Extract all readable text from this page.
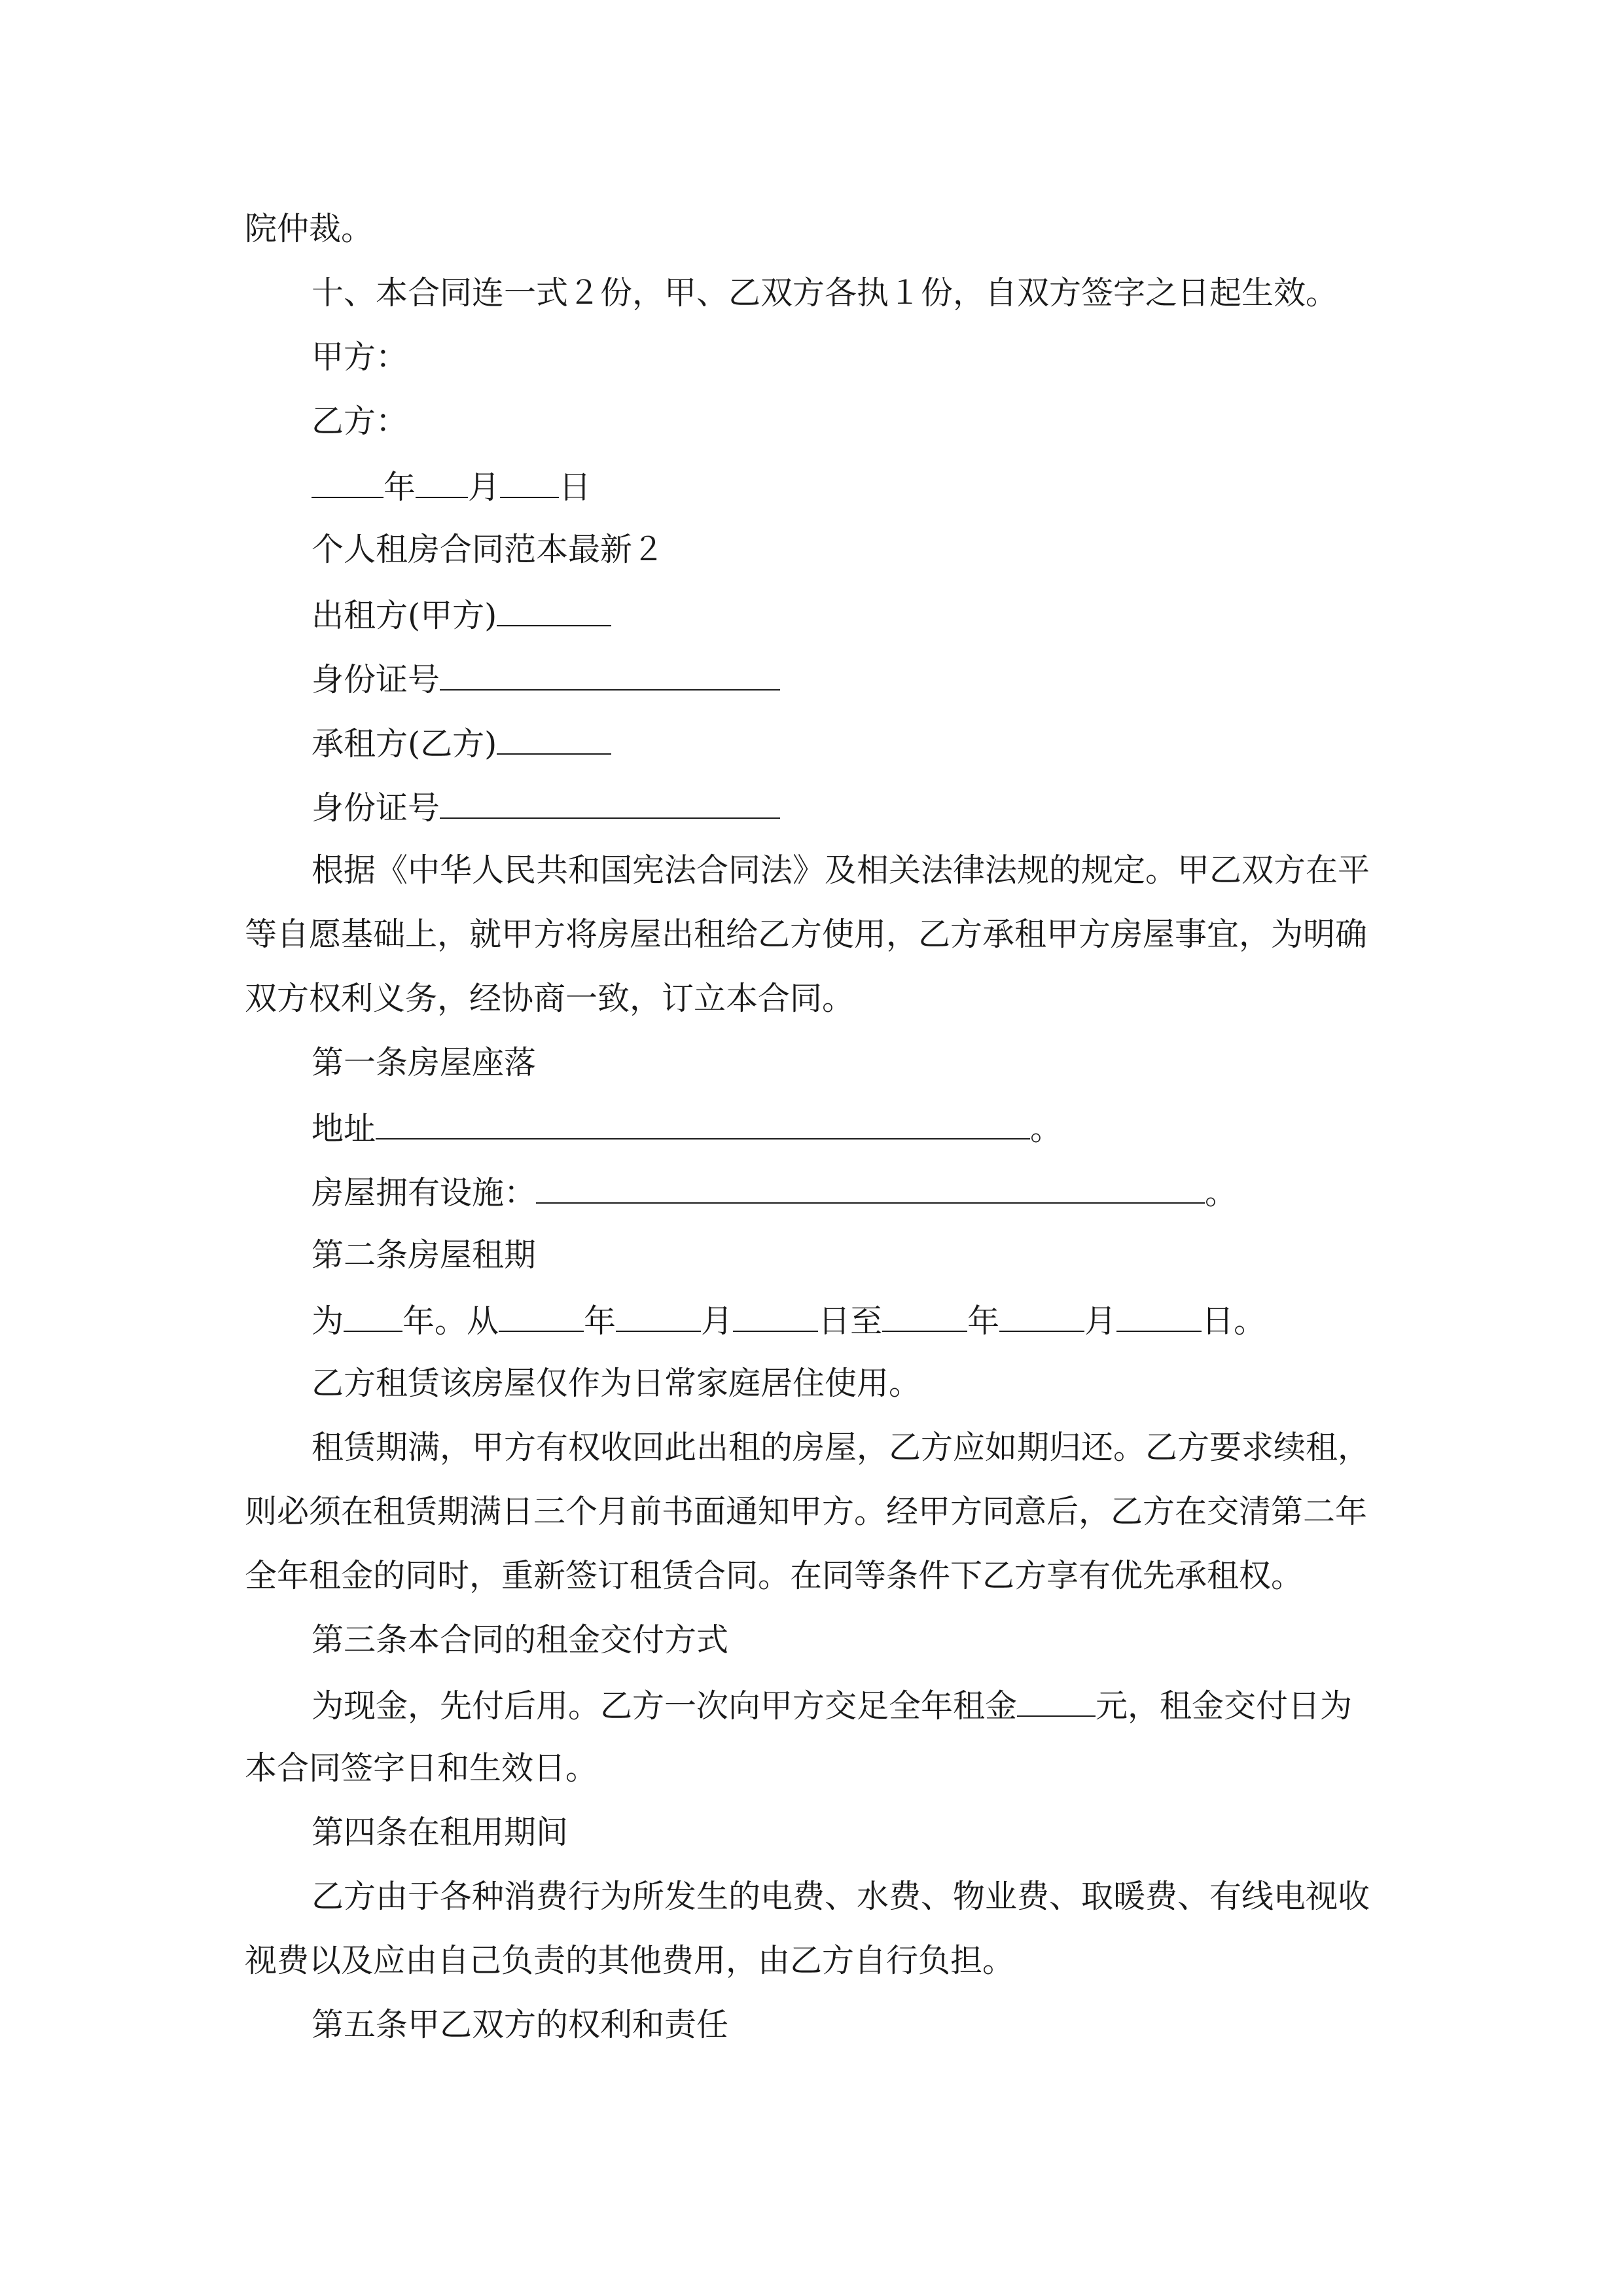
院仲裁。
十、本合同连一式２份，甲、乙双方各执１份，自双方签字之日起生效。
甲方：
乙方：
年 月 日
个人租房合同范本最新２
出租方(甲方)
身份证号
承租方(乙方)
身份证号
根据《中华人民共和国宪法合同法》及相关法律法规的规定。甲乙双方在平
等自愿基础上，就甲方将房屋出租给乙方使用，乙方承租甲方房屋事宜，为明确
双方权利义务，经协商一致，订立本合同。
第一条房屋座落
地址	。
房屋拥有设施：	。
第二条房屋租期
为 年。从	年	月	日至	年	月	日。
乙方租赁该房屋仅作为日常家庭居住使用。
租赁期满，甲方有权收回此出租的房屋，乙方应如期归还。乙方要求续租，
则必须在租赁期满日三个月前书面通知甲方。经甲方同意后，乙方在交清第二年
全年租金的同时，重新签订租赁合同。在同等条件下乙方享有优先承租权。
第三条本合同的租金交付方式
为现金，先付后用。乙方一次向甲方交足全年租金 元，租金交付日为
本合同签字日和生效日。
第四条在租用期间
乙方由于各种消费行为所发生的电费、水费、物业费、取暖费、有线电视收
视费以及应由自己负责的其他费用，由乙方自行负担。
第五条甲乙双方的权利和责任
